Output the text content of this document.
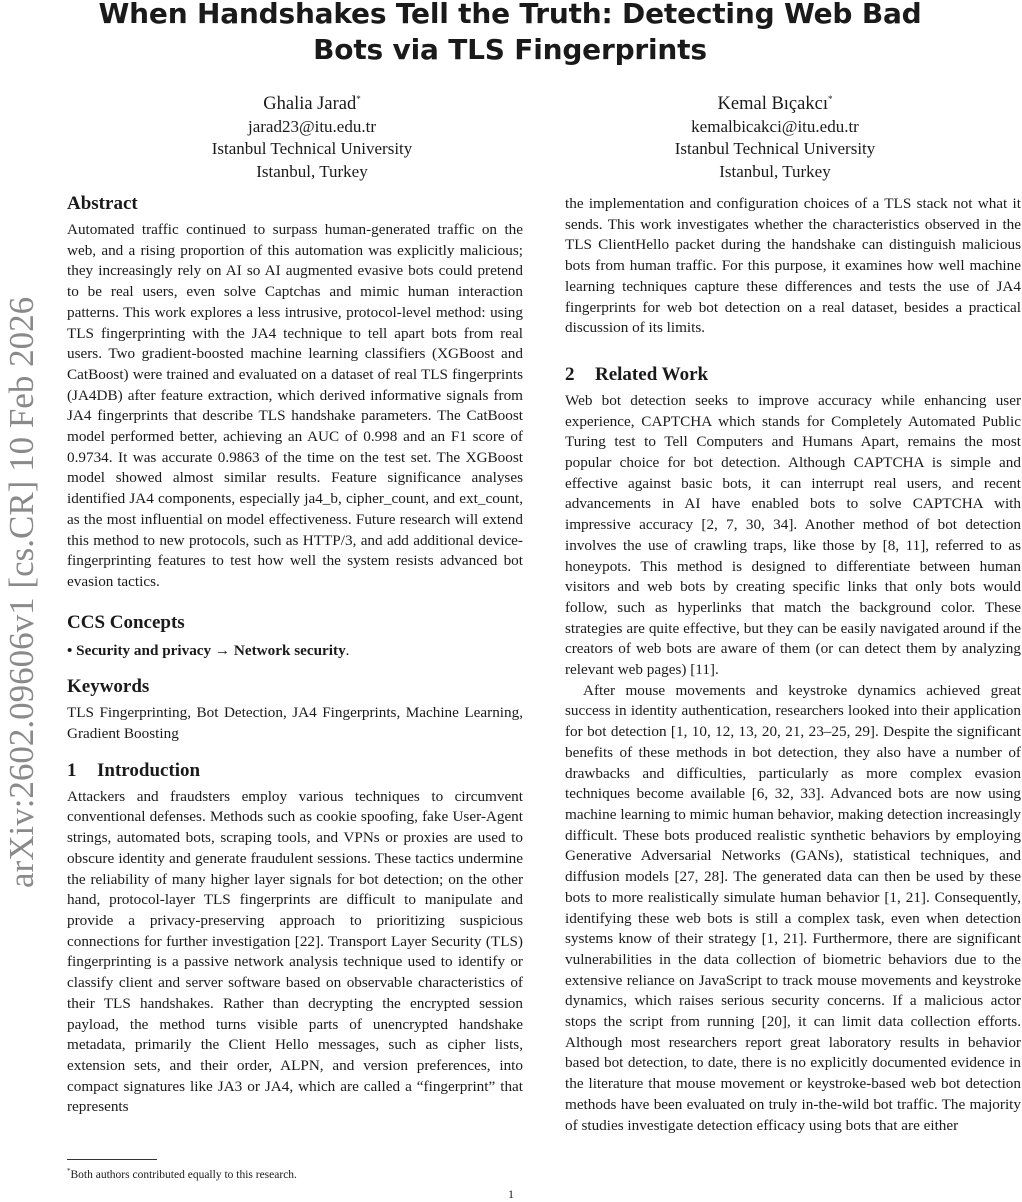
arXiv:2602.09606v1 [cs.CR] 10 Feb 2026
When Handshakes Tell the Truth: Detecting Web Bad Bots via TLS Fingerprints
Ghalia Jarad*
jarad23@itu.edu.tr
Istanbul Technical University
Istanbul, Turkey
Kemal Bıçakcı*
kemalbicakci@itu.edu.tr
Istanbul Technical University
Istanbul, Turkey
Abstract

Automated traffic continued to surpass human-generated traffic on the web, and a rising proportion of this automation was explicitly malicious; they increasingly rely on AI so AI augmented evasive bots could pretend to be real users, even solve Captchas and mimic human interaction patterns. This work explores a less intrusive, protocol-level method: using TLS fingerprinting with the JA4 technique to tell apart bots from real users. Two gradient-boosted machine learning classifiers (XGBoost and CatBoost) were trained and evaluated on a dataset of real TLS fingerprints (JA4DB) after feature extraction, which derived informative signals from JA4 fingerprints that describe TLS handshake parameters. The CatBoost model performed better, achieving an AUC of 0.998 and an F1 score of 0.9734. It was accurate 0.9863 of the time on the test set. The XGBoost model showed almost similar results. Feature significance analyses identified JA4 components, especially ja4_b, cipher_count, and ext_count, as the most influential on model effectiveness. Future research will extend this method to new protocols, such as HTTP/3, and add additional device-fingerprinting features to test how well the system resists advanced bot evasion tactics.

CCS Concepts

• Security and privacy → Network security.

Keywords

TLS Fingerprinting, Bot Detection, JA4 Fingerprints, Machine Learning, Gradient Boosting

1 Introduction

Attackers and fraudsters employ various techniques to circumvent conventional defenses. Methods such as cookie spoofing, fake User-Agent strings, automated bots, scraping tools, and VPNs or proxies are used to obscure identity and generate fraudulent sessions. These tactics undermine the reliability of many higher layer signals for bot detection; on the other hand, protocol-layer TLS fingerprints are difficult to manipulate and provide a privacy-preserving approach to prioritizing suspicious connections for further investigation [22]. Transport Layer Security (TLS) fingerprinting is a passive network analysis technique used to identify or classify client and server software based on observable characteristics of their TLS handshakes. Rather than decrypting the encrypted session payload, the method turns visible parts of unencrypted handshake metadata, primarily the Client Hello messages, such as cipher lists, extension sets, and their order, ALPN, and version preferences, into compact signatures like JA3 or JA4, which are called a “fingerprint” that represents

the implementation and configuration choices of a TLS stack not what it sends. This work investigates whether the characteristics observed in the TLS ClientHello packet during the handshake can distinguish malicious bots from human traffic. For this purpose, it examines how well machine learning techniques capture these differences and tests the use of JA4 fingerprints for web bot detection on a real dataset, besides a practical discussion of its limits.

2 Related Work

Web bot detection seeks to improve accuracy while enhancing user experience, CAPTCHA which stands for Completely Automated Public Turing test to Tell Computers and Humans Apart, remains the most popular choice for bot detection. Although CAPTCHA is simple and effective against basic bots, it can interrupt real users, and recent advancements in AI have enabled bots to solve CAPTCHA with impressive accuracy [2, 7, 30, 34]. Another method of bot detection involves the use of crawling traps, like those by [8, 11], referred to as honeypots. This method is designed to differentiate between human visitors and web bots by creating specific links that only bots would follow, such as hyperlinks that match the background color. These strategies are quite effective, but they can be easily navigated around if the creators of web bots are aware of them (or can detect them by analyzing relevant web pages) [11].

After mouse movements and keystroke dynamics achieved great success in identity authentication, researchers looked into their application for bot detection [1, 10, 12, 13, 20, 21, 23–25, 29]. Despite the significant benefits of these methods in bot detection, they also have a number of drawbacks and difficulties, particularly as more complex evasion techniques become available [6, 32, 33]. Advanced bots are now using machine learning to mimic human behavior, making detection increasingly difficult. These bots produced realistic synthetic behaviors by employing Generative Adversarial Networks (GANs), statistical techniques, and diffusion models [27, 28]. The generated data can then be used by these bots to more realistically simulate human behavior [1, 21]. Consequently, identifying these web bots is still a complex task, even when detection systems know of their strategy [1, 21]. Furthermore, there are significant vulnerabilities in the data collection of biometric behaviors due to the extensive reliance on JavaScript to track mouse movements and keystroke dynamics, which raises serious security concerns. If a malicious actor stops the script from running [20], it can limit data collection efforts. Although most researchers report great laboratory results in behavior based bot detection, to date, there is no explicitly documented evidence in the literature that mouse movement or keystroke-based web bot detection methods have been evaluated on truly in-the-wild bot traffic. The majority of studies investigate detection efficacy using bots that are either

*Both authors contributed equally to this research.
1
